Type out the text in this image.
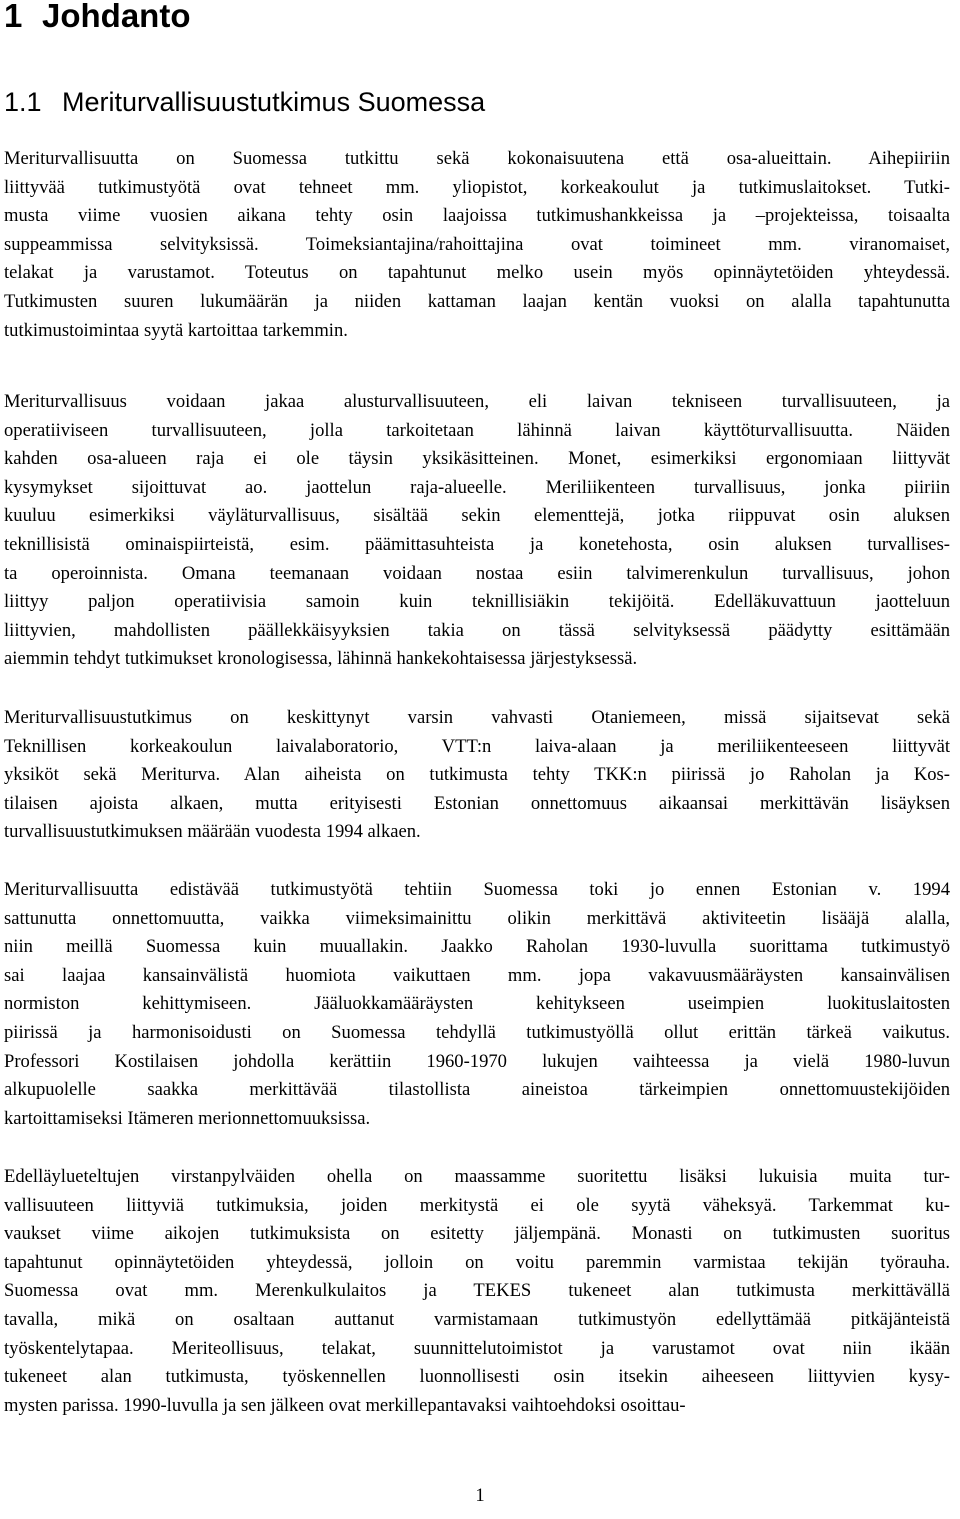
1 Johdanto
1.1 Meriturvallisuustutkimus Suomessa
Meriturvallisuutta on Suomessa tutkittu sekä kokonaisuutena että osa-alueittain. Aihepiiriin
liittyvää tutkimustyötä ovat tehneet mm. yliopistot, korkeakoulut ja tutkimuslaitokset. Tutki-
musta viime vuosien aikana tehty osin laajoissa tutkimushankkeissa ja –projekteissa, toisaalta
suppeammissa selvityksissä. Toimeksiantajina/rahoittajina ovat toimineet mm. viranomaiset,
telakat ja varustamot. Toteutus on tapahtunut melko usein myös opinnäytetöiden yhteydessä.
Tutkimusten suuren lukumäärän ja niiden kattaman laajan kentän vuoksi on alalla tapahtunutta
tutkimustoimintaa syytä kartoittaa tarkemmin.
Meriturvallisuus voidaan jakaa alusturvallisuuteen, eli laivan tekniseen turvallisuuteen, ja
operatiiviseen turvallisuuteen, jolla tarkoitetaan lähinnä laivan käyttöturvallisuutta. Näiden
kahden osa-alueen raja ei ole täysin yksikäsitteinen. Monet, esimerkiksi ergonomiaan liittyvät
kysymykset sijoittuvat ao. jaottelun raja-alueelle. Meriliikenteen turvallisuus, jonka piiriin
kuuluu esimerkiksi väyläturvallisuus, sisältää sekin elementtejä, jotka riippuvat osin aluksen
teknillisistä ominaispiirteistä, esim. päämittasuhteista ja konetehosta, osin aluksen turvallises-
ta operoinnista. Omana teemanaan voidaan nostaa esiin talvimerenkulun turvallisuus, johon
liittyy paljon operatiivisia samoin kuin teknillisiäkin tekijöitä. Edelläkuvattuun jaotteluun
liittyvien, mahdollisten päällekkäisyyksien takia on tässä selvityksessä päädytty esittämään
aiemmin tehdyt tutkimukset kronologisessa, lähinnä hankekohtaisessa järjestyksessä.
Meriturvallisuustutkimus on keskittynyt varsin vahvasti Otaniemeen, missä sijaitsevat sekä
Teknillisen korkeakoulun laivalaboratorio, VTT:n laiva-alaan ja meriliikenteeseen liittyvät
yksiköt sekä Meriturva. Alan aiheista on tutkimusta tehty TKK:n piirissä jo Raholan ja Kos-
tilaisen ajoista alkaen, mutta erityisesti Estonian onnettomuus aikaansai merkittävän lisäyksen
turvallisuustutkimuksen määrään vuodesta 1994 alkaen.
Meriturvallisuutta edistävää tutkimustyötä tehtiin Suomessa toki jo ennen Estonian v. 1994
sattunutta onnettomuutta, vaikka viimeksimainittu olikin merkittävä aktiviteetin lisääjä alalla,
niin meillä Suomessa kuin muuallakin. Jaakko Raholan 1930-luvulla suorittama tutkimustyö
sai laajaa kansainvälistä huomiota vaikuttaen mm. jopa vakavuusmääräysten kansainvälisen
normiston kehittymiseen. Jääluokkamääräysten kehitykseen useimpien luokituslaitosten
piirissä ja harmonisoidusti on Suomessa tehdyllä tutkimustyöllä ollut erittän tärkeä vaikutus.
Professori Kostilaisen johdolla kerättiin 1960-1970 lukujen vaihteessa ja vielä 1980-luvun
alkupuolelle saakka merkittävää tilastollista aineistoa tärkeimpien onnettomuustekijöiden
kartoittamiseksi Itämeren merionnettomuuksissa.
Edelläylueteltujen virstanpylväiden ohella on maassamme suoritettu lisäksi lukuisia muita tur-
vallisuuteen liittyviä tutkimuksia, joiden merkitystä ei ole syytä väheksyä. Tarkemmat ku-
vaukset viime aikojen tutkimuksista on esitetty jäljempänä. Monasti on tutkimusten suoritus
tapahtunut opinnäytetöiden yhteydessä, jolloin on voitu paremmin varmistaa tekijän työrauha.
Suomessa ovat mm. Merenkulkulaitos ja TEKES tukeneet alan tutkimusta merkittävällä
tavalla, mikä on osaltaan auttanut varmistamaan tutkimustyön edellyttämää pitkäjänteistä
työskentelytapaa. Meriteollisuus, telakat, suunnittelutoimistot ja varustamot ovat niin ikään
tukeneet alan tutkimusta, työskennellen luonnollisesti osin itsekin aiheeseen liittyvien kysy-
mysten parissa. 1990-luvulla ja sen jälkeen ovat merkillepantavaksi vaihtoehdoksi osoittau-
1
